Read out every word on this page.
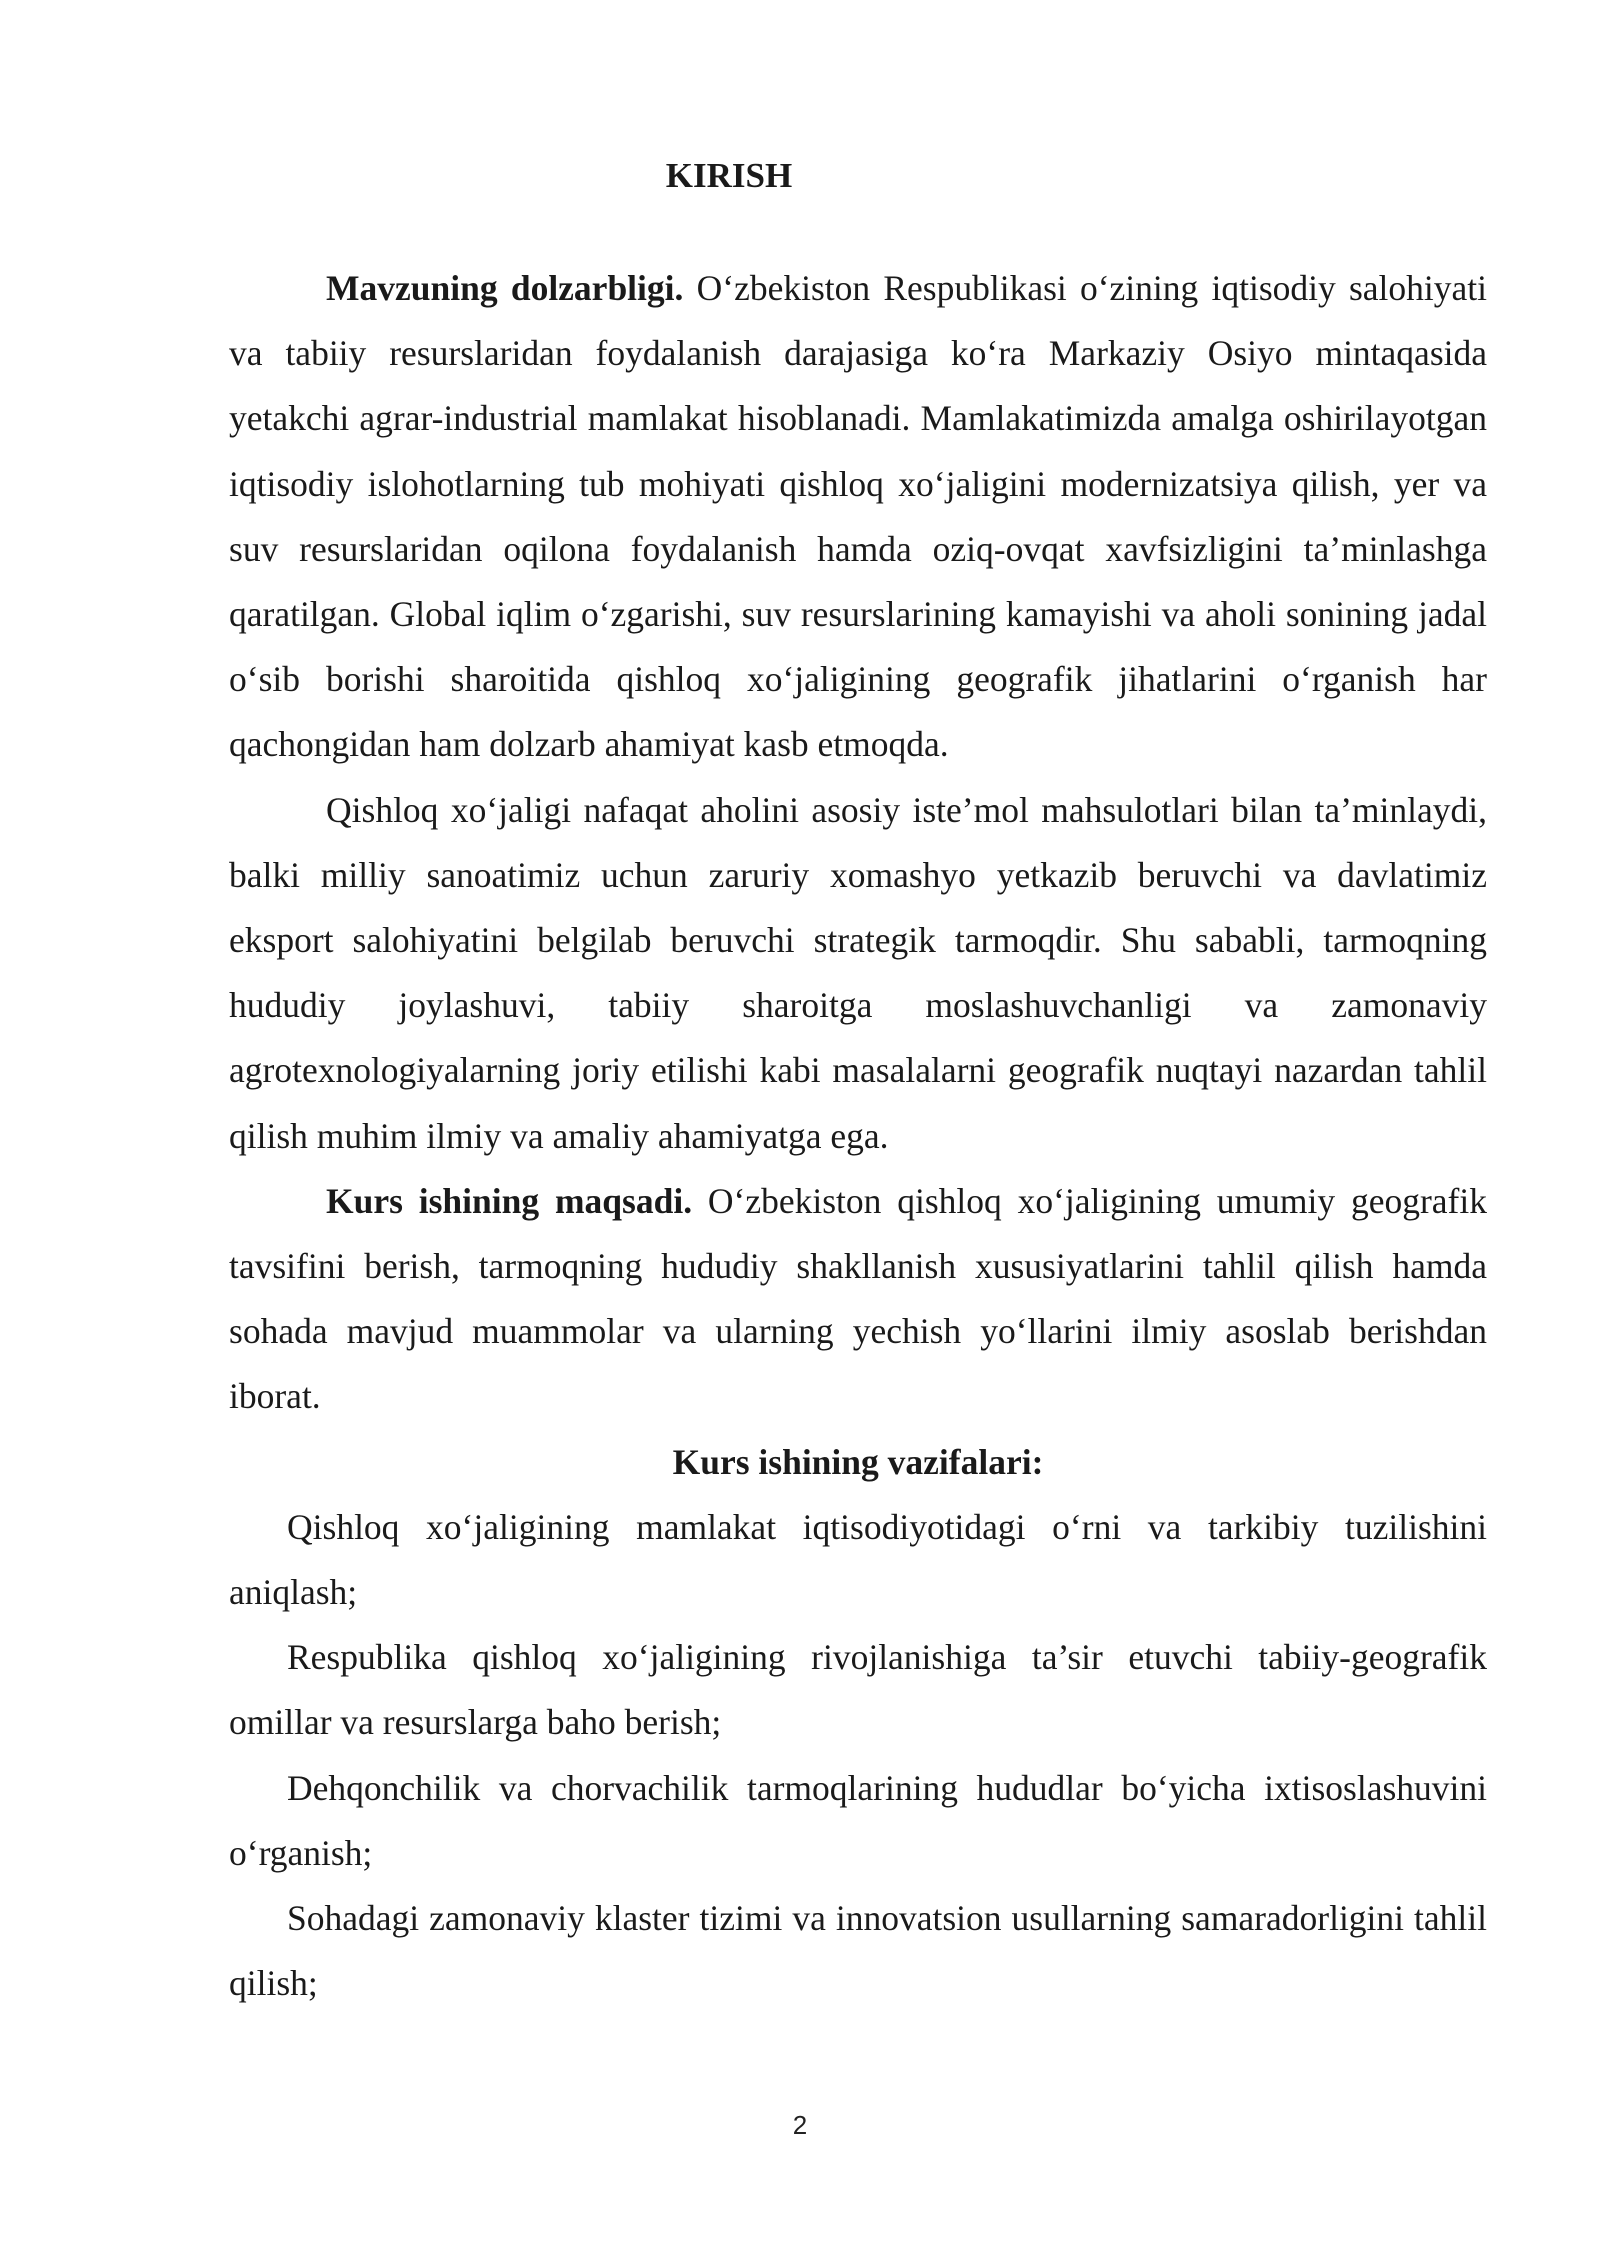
KIRISH

Mavzuning dolzarbligi. O‘zbekiston Respublikasi o‘zining iqtisodiy salohiyati va tabiiy resurslaridan foydalanish darajasiga ko‘ra Markaziy Osiyo mintaqasida yetakchi agrar-industrial mamlakat hisoblanadi. Mamlakatimizda amalga oshirilayotgan iqtisodiy islohotlarning tub mohiyati qishloq xo‘jaligini modernizatsiya qilish, yer va suv resurslaridan oqilona foydalanish hamda oziq-ovqat xavfsizligini ta’minlashga qaratilgan. Global iqlim o‘zgarishi, suv resurslarining kamayishi va aholi sonining jadal o‘sib borishi sharoitida qishloq xo‘jaligining geografik jihatlarini o‘rganish har qachongidan ham dolzarb ahamiyat kasb etmoqda.

Qishloq xo‘jaligi nafaqat aholini asosiy iste’mol mahsulotlari bilan ta’minlaydi, balki milliy sanoatimiz uchun zaruriy xomashyo yetkazib beruvchi va davlatimiz eksport salohiyatini belgilab beruvchi strategik tarmoqdir. Shu sababli, tarmoqning hududiy joylashuvi, tabiiy sharoitga moslashuvchanligi va zamonaviy agrotexnologiyalarning joriy etilishi kabi masalalarni geografik nuqtayi nazardan tahlil qilish muhim ilmiy va amaliy ahamiyatga ega.

Kurs ishining maqsadi. O‘zbekiston qishloq xo‘jaligining umumiy geografik tavsifini berish, tarmoqning hududiy shakllanish xususiyatlarini tahlil qilish hamda sohada mavjud muammolar va ularning yechish yo‘llarini ilmiy asoslab berishdan iborat.

Kurs ishining vazifalari:

Qishloq xo‘jaligining mamlakat iqtisodiyotidagi o‘rni va tarkibiy tuzilishini aniqlash;

Respublika qishloq xo‘jaligining rivojlanishiga ta’sir etuvchi tabiiy-geografik omillar va resurslarga baho berish;

Dehqonchilik va chorvachilik tarmoqlarining hududlar bo‘yicha ixtisoslashuvini o‘rganish;

Sohadagi zamonaviy klaster tizimi va innovatsion usullarning samaradorligini tahlil qilish;

2
